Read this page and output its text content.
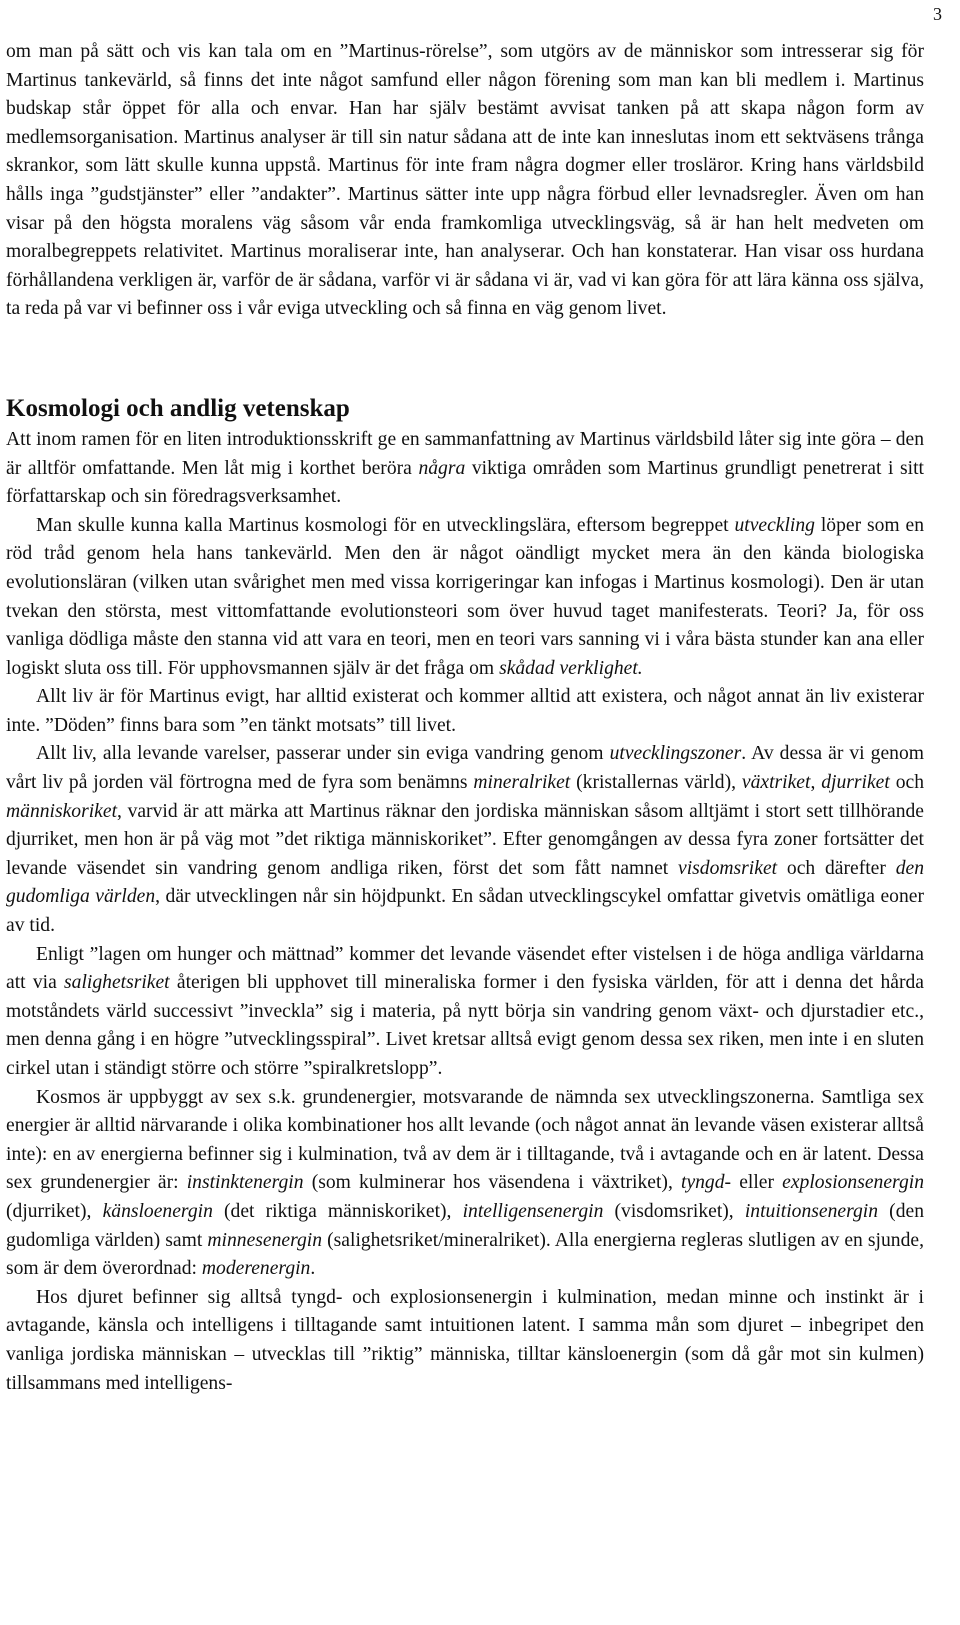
3

om man på sätt och vis kan tala om en ”Martinus-rörelse”, som utgörs av de människor som intresserar sig för Martinus tankevärld, så finns det inte något samfund eller någon förening som man kan bli medlem i. Martinus budskap står öppet för alla och envar. Han har själv bestämt avvisat tanken på att skapa någon form av medlemsorganisation. Martinus analyser är till sin natur sådana att de inte kan inneslutas inom ett sektväsens trånga skrankor, som lätt skulle kunna uppstå. Martinus för inte fram några dogmer eller trosläror. Kring hans världsbild hålls inga ”gudstjänster” eller ”andakter”. Martinus sätter inte upp några förbud eller levnadsregler. Även om han visar på den högsta moralens väg såsom vår enda framkomliga utvecklingsväg, så är han helt medveten om moralbegreppets relativitet. Martinus moraliserar inte, han analyserar. Och han konstaterar. Han visar oss hurdana förhållandena verkligen är, varför de är sådana, varför vi är sådana vi är, vad vi kan göra för att lära känna oss själva, ta reda på var vi befinner oss i vår eviga utveckling och så finna en väg genom livet.

Kosmologi och andlig vetenskap

Att inom ramen för en liten introduktionsskrift ge en sammanfattning av Martinus världsbild låter sig inte göra – den är alltför omfattande. Men låt mig i korthet beröra några viktiga områden som Martinus grundligt penetrerat i sitt författarskap och sin föredragsverksamhet.

Man skulle kunna kalla Martinus kosmologi för en utvecklingslära, eftersom begreppet utveckling löper som en röd tråd genom hela hans tankevärld. Men den är något oändligt mycket mera än den kända biologiska evolutionsläran (vilken utan svårighet men med vissa korrigeringar kan infogas i Martinus kosmologi). Den är utan tvekan den största, mest vittomfattande evolutionsteori som över huvud taget manifesterats. Teori? Ja, för oss vanliga dödliga måste den stanna vid att vara en teori, men en teori vars sanning vi i våra bästa stunder kan ana eller logiskt sluta oss till. För upphovsmannen själv är det fråga om skådad verklighet.

Allt liv är för Martinus evigt, har alltid existerat och kommer alltid att existera, och något annat än liv existerar inte. ”Döden” finns bara som ”en tänkt motsats” till livet.

Allt liv, alla levande varelser, passerar under sin eviga vandring genom utvecklingszoner. Av dessa är vi genom vårt liv på jorden väl förtrogna med de fyra som benämns mineralriket (kristallernas värld), växtriket, djurriket och människoriket, varvid är att märka att Martinus räknar den jordiska människan såsom alltjämt i stort sett tillhörande djurriket, men hon är på väg mot ”det riktiga människoriket”. Efter genomgången av dessa fyra zoner fortsätter det levande väsendet sin vandring genom andliga riken, först det som fått namnet visdomsriket och därefter den gudomliga världen, där utvecklingen når sin höjdpunkt. En sådan utvecklingscykel omfattar givetvis omätliga eoner av tid.

Enligt ”lagen om hunger och mättnad” kommer det levande väsendet efter vistelsen i de höga andliga världarna att via salighetsriket återigen bli upphovet till mineraliska former i den fysiska världen, för att i denna det hårda motståndets värld successivt ”inveckla” sig i materia, på nytt börja sin vandring genom växt- och djurstadier etc., men denna gång i en högre ”utvecklingsspiral”. Livet kretsar alltså evigt genom dessa sex riken, men inte i en sluten cirkel utan i ständigt större och större ”spiralkretslopp”.

Kosmos är uppbyggt av sex s.k. grundenergier, motsvarande de nämnda sex utvecklingszonerna. Samtliga sex energier är alltid närvarande i olika kombinationer hos allt levande (och något annat än levande väsen existerar alltså inte): en av energierna befinner sig i kulmination, två av dem är i tilltagande, två i avtagande och en är latent. Dessa sex grundenergier är: instinktenergin (som kulminerar hos väsendena i växtriket), tyngd- eller explosionsenergin (djurriket), känsloenergin (det riktiga människoriket), intelligensenergin (visdomsriket), intuitionsenergin (den gudomliga världen) samt minnesenergin (salighetsriket/mineralriket). Alla energierna regleras slutligen av en sjunde, som är dem överordnad: moderenergin.

Hos djuret befinner sig alltså tyngd- och explosionsenergin i kulmination, medan minne och instinkt är i avtagande, känsla och intelligens i tilltagande samt intuitionen latent. I samma mån som djuret – inbegripet den vanliga jordiska människan – utvecklas till ”riktig” människa, tilltar känsloenergin (som då går mot sin kulmen) tillsammans med intelligens-
